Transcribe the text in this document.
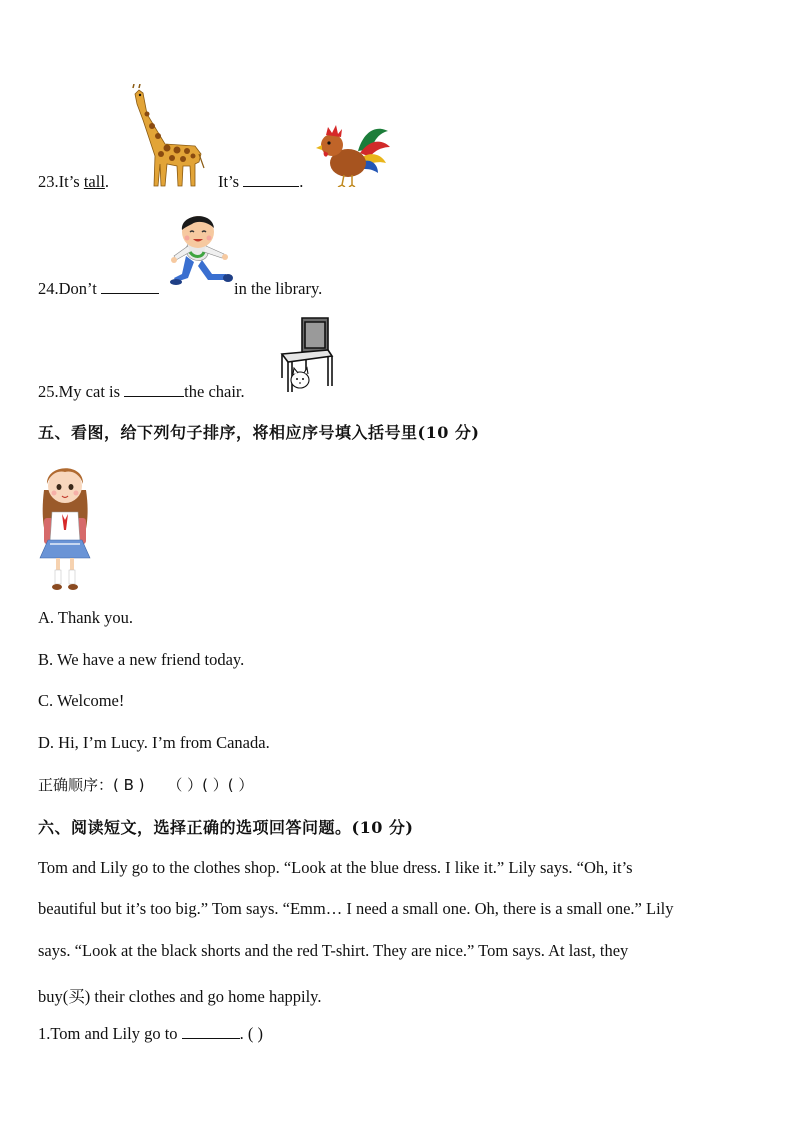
23.It’s tall.	It’s	.
24.Don’t	in the library.
25.My cat is	the chair.
五、看图，给下列句子排序，将相应序号填入括号里(10 分)
A. Thank you.
B. We have a new friend today.
C. Welcome!
D. Hi, I’m Lucy. I’m from Canada.
正确顺序：( B ) （ ）( ）( ）
六、阅读短文，选择正确的选项回答问题。(10 分)
Tom and Lily go to the clothes shop. “Look at the blue dress. I like it.” Lily says. “Oh, it’s
beautiful but it’s too big.” Tom says. “Emm… I need a small one. Oh, there is a small one.” Lily
says. “Look at the black shorts and the red T-shirt. They are nice.” Tom says. At last, they
buy(买) their clothes and go home happily.
1.Tom and Lily go to	. ( )
